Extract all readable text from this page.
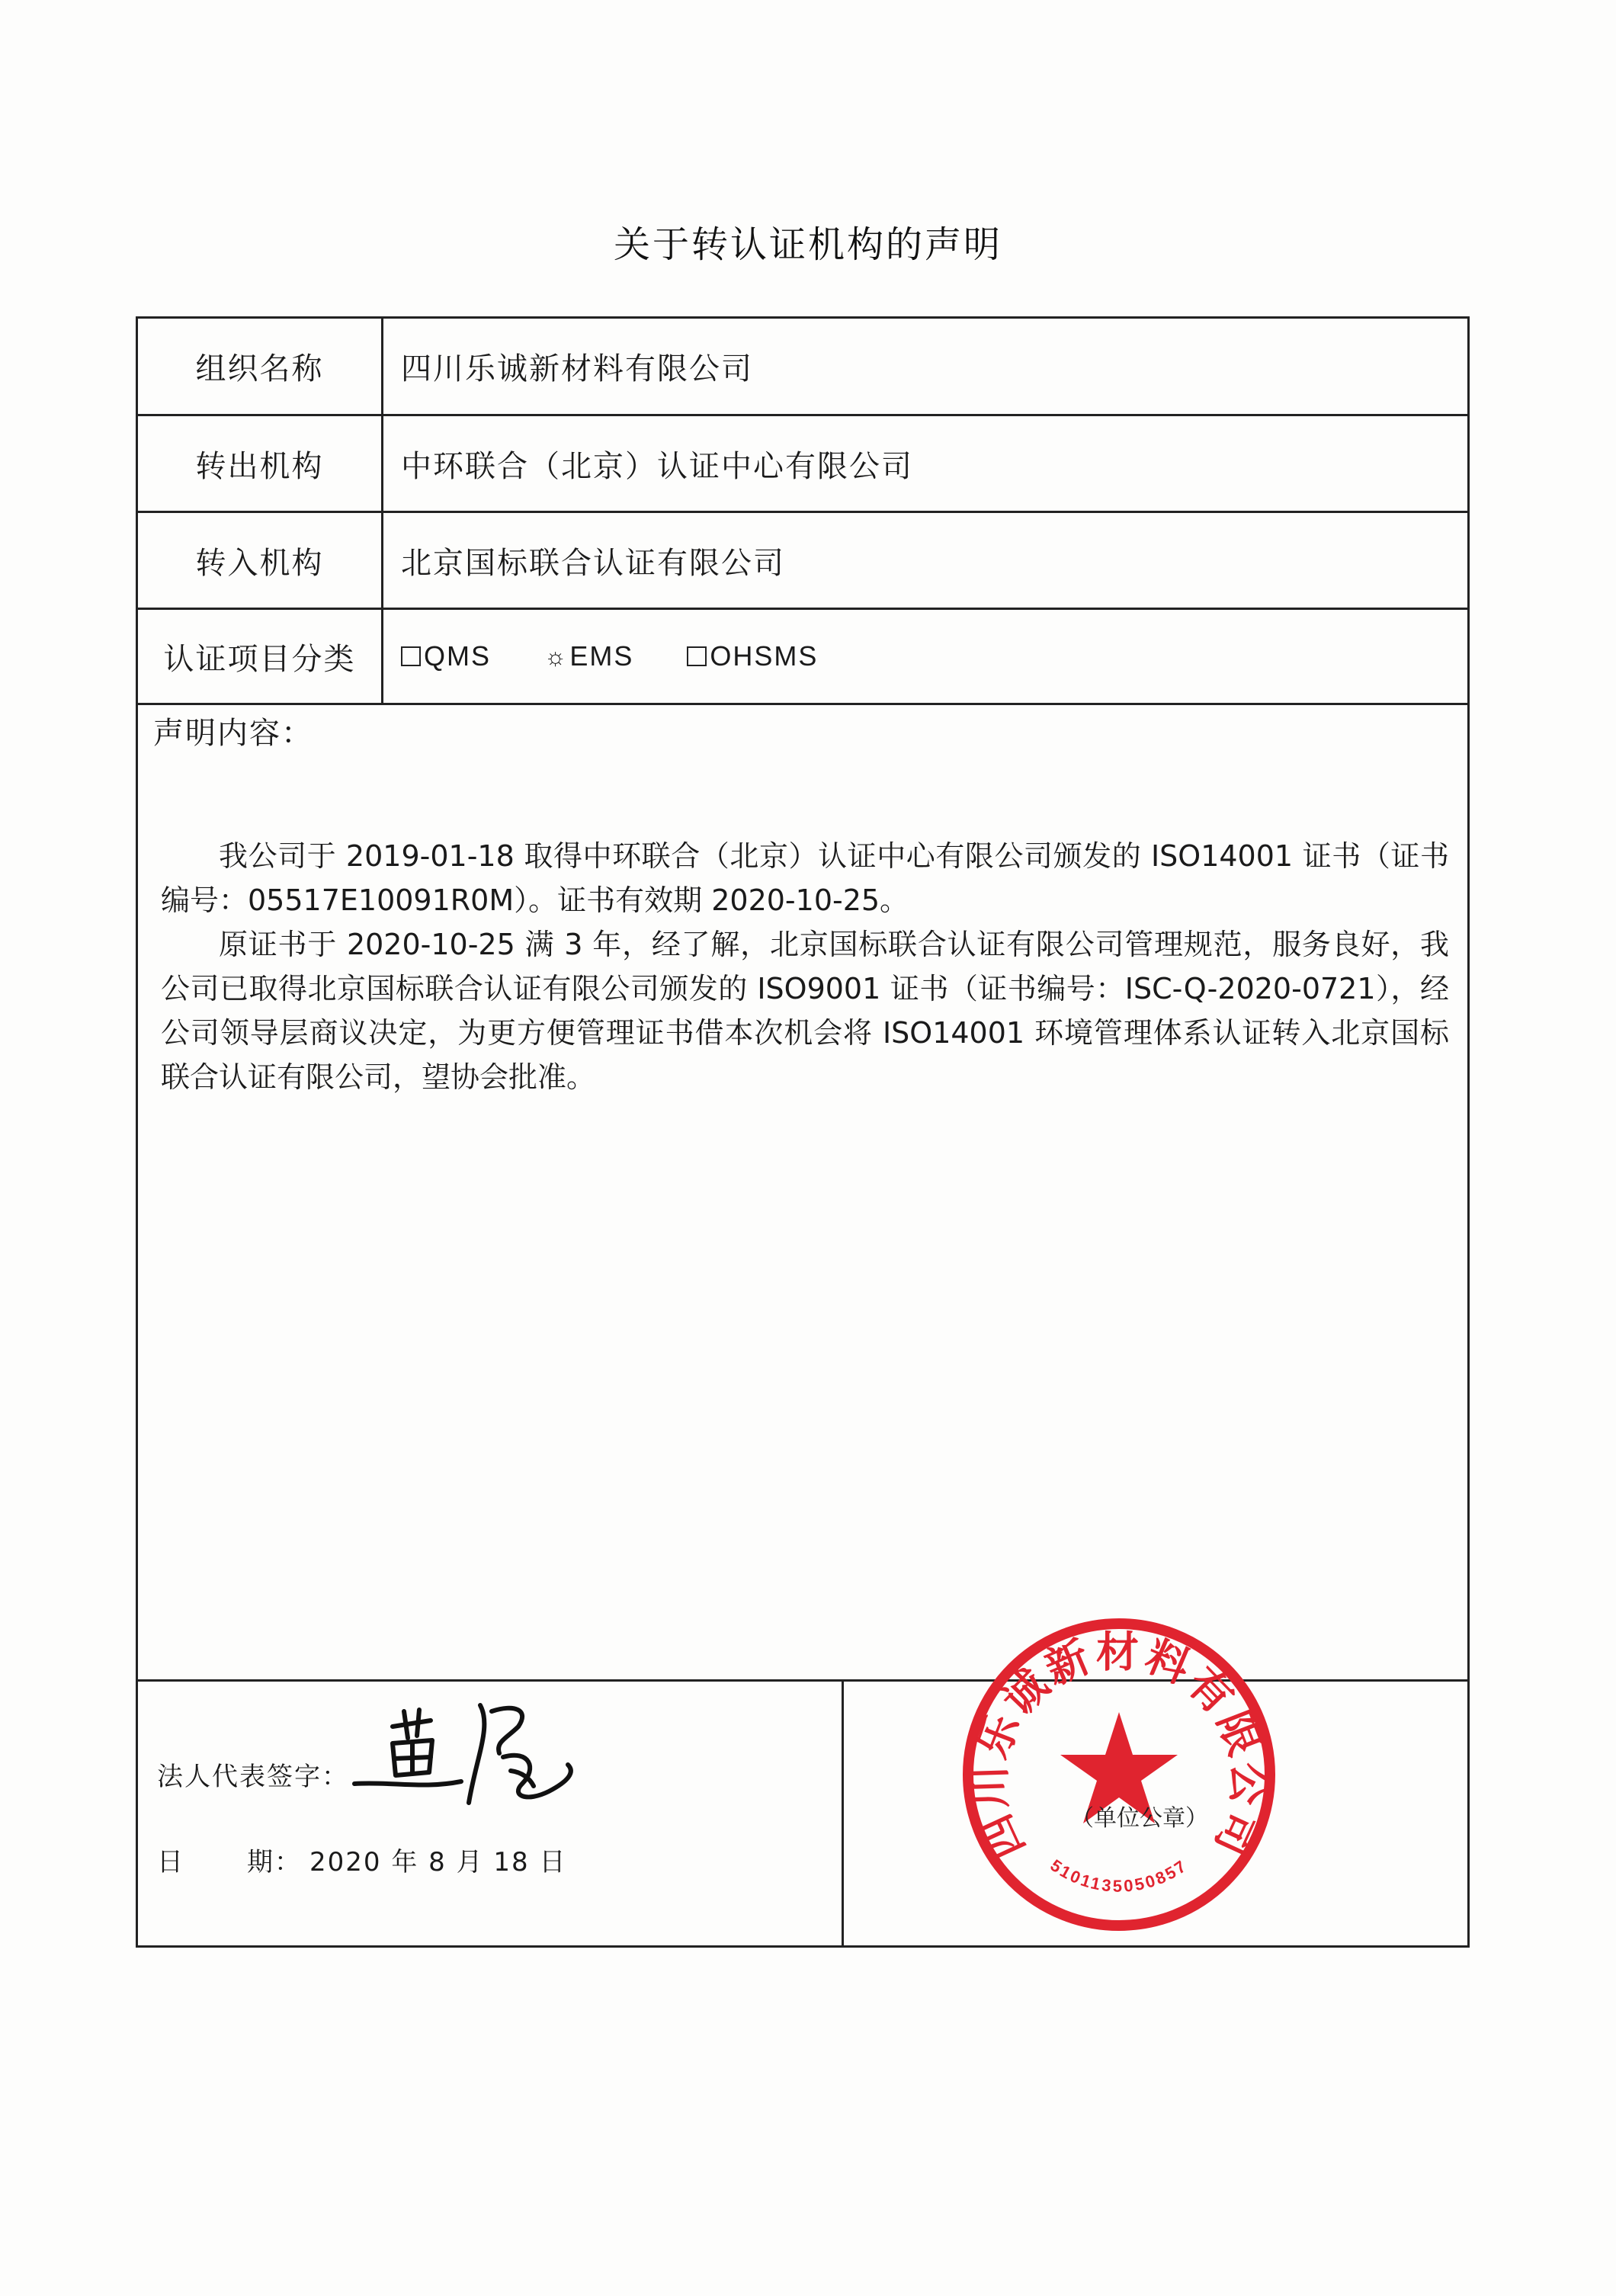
关于转认证机构的声明
组织名称	四川乐诚新材料有限公司
转出机构	中环联合（北京）认证中心有限公司
转入机构	北京国标联合认证有限公司
认证项目分类	QMS ☼ EMS	OHSMS
声明内容：

我公司于 2019-01-18 取得中环联合（北京）认证中心有限公司颁发的 ISO14001 证书（证书编号：05517E10091R0M）。证书有效期 2020-10-25。

原证书于 2020-10-25 满 3 年，经了解，北京国标联合认证有限公司管理规范，服务良好，我公司已取得北京国标联合认证有限公司颁发的 ISO9001 证书（证书编号：ISC-Q-2020-0721），经公司领导层商议决定，为更方便管理证书借本次机会将 ISO14001 环境管理体系认证转入北京国标联合认证有限公司，望协会批准。

法人代表签字：
日 期： 2020 年 8 月 18 日	四川乐诚新材料有限公司
5101135050857
（单位公章）
